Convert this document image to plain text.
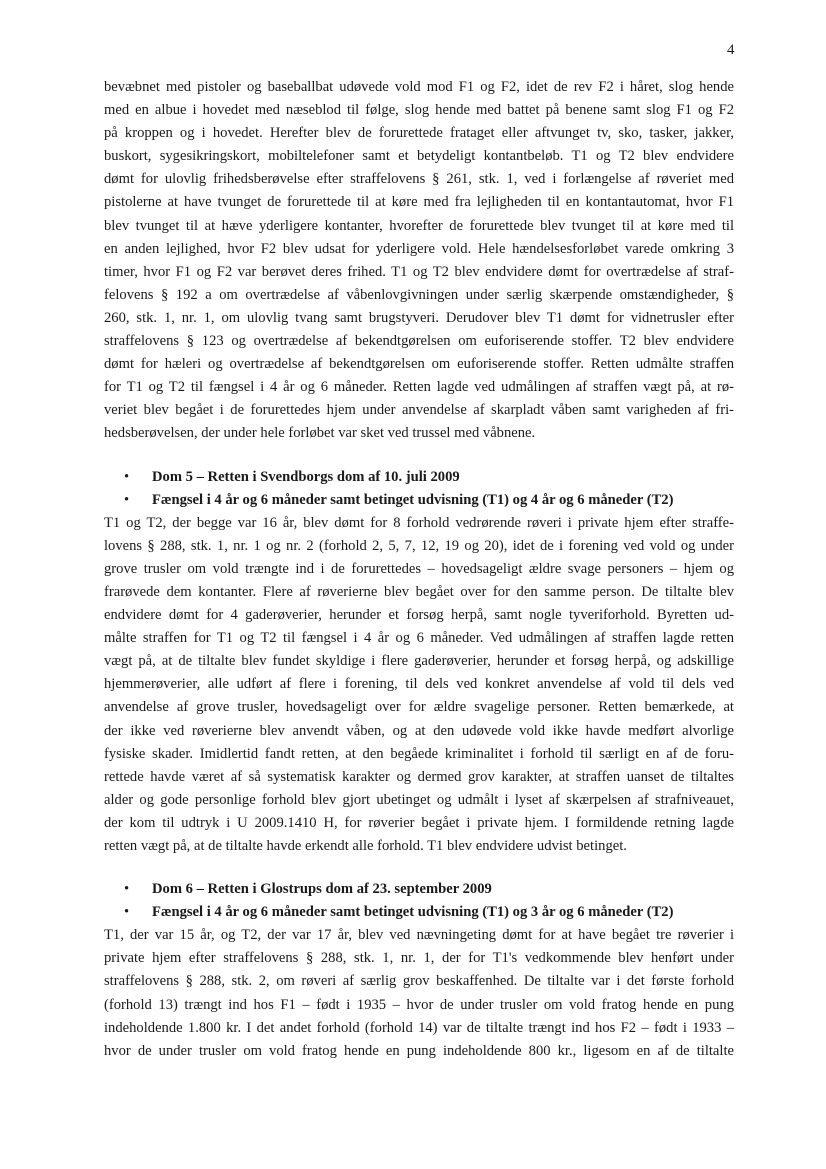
4
bevæbnet med pistoler og baseballbat udøvede vold mod F1 og F2, idet de rev F2 i håret, slog hende
med en albue i hovedet med næseblod til følge, slog hende med battet på benene samt slog F1 og F2
på kroppen og i hovedet. Herefter blev de forurettede frataget eller aftvunget tv, sko, tasker, jakker,
buskort, sygesikringskort, mobiltelefoner samt et betydeligt kontantbeløb. T1 og T2 blev endvidere
dømt for ulovlig frihedsberøvelse efter straffelovens § 261, stk. 1, ved i forlængelse af røveriet med
pistolerne at have tvunget de forurettede til at køre med fra lejligheden til en kontantautomat, hvor F1
blev tvunget til at hæve yderligere kontanter, hvorefter de forurettede blev tvunget til at køre med til
en anden lejlighed, hvor F2 blev udsat for yderligere vold. Hele hændelsesforløbet varede omkring 3
timer, hvor F1 og F2 var berøvet deres frihed. T1 og T2 blev endvidere dømt for overtrædelse af straf-
felovens § 192 a om overtrædelse af våbenlovgivningen under særlig skærpende omstændigheder, §
260, stk. 1, nr. 1, om ulovlig tvang samt brugstyveri. Derudover blev T1 dømt for vidnetrusler efter
straffelovens § 123 og overtrædelse af bekendtgørelsen om euforiserende stoffer. T2 blev endvidere
dømt for hæleri og overtrædelse af bekendtgørelsen om euforiserende stoffer. Retten udmålte straffen
for T1 og T2 til fængsel i 4 år og 6 måneder. Retten lagde ved udmålingen af straffen vægt på, at rø-
veriet blev begået i de forurettedes hjem under anvendelse af skarpladt våben samt varigheden af fri-
hedsberøvelsen, der under hele forløbet var sket ved trussel med våbnene.
• Dom 5 – Retten i Svendborgs dom af 10. juli 2009
• Fængsel i 4 år og 6 måneder samt betinget udvisning (T1) og 4 år og 6 måneder (T2)
T1 og T2, der begge var 16 år, blev dømt for 8 forhold vedrørende røveri i private hjem efter straffe-
lovens § 288, stk. 1, nr. 1 og nr. 2 (forhold 2, 5, 7, 12, 19 og 20), idet de i forening ved vold og under
grove trusler om vold trængte ind i de forurettedes – hovedsageligt ældre svage personers – hjem og
frarøvede dem kontanter. Flere af røverierne blev begået over for den samme person. De tiltalte blev
endvidere dømt for 4 gaderøverier, herunder et forsøg herpå, samt nogle tyveriforhold. Byretten ud-
målte straffen for T1 og T2 til fængsel i 4 år og 6 måneder. Ved udmålingen af straffen lagde retten
vægt på, at de tiltalte blev fundet skyldige i flere gaderøverier, herunder et forsøg herpå, og adskillige
hjemmerøverier, alle udført af flere i forening, til dels ved konkret anvendelse af vold til dels ved
anvendelse af grove trusler, hovedsageligt over for ældre svagelige personer. Retten bemærkede, at
der ikke ved røverierne blev anvendt våben, og at den udøvede vold ikke havde medført alvorlige
fysiske skader. Imidlertid fandt retten, at den begåede kriminalitet i forhold til særligt en af de foru-
rettede havde været af så systematisk karakter og dermed grov karakter, at straffen uanset de tiltaltes
alder og gode personlige forhold blev gjort ubetinget og udmålt i lyset af skærpelsen af strafniveauet,
der kom til udtryk i U 2009.1410 H, for røverier begået i private hjem. I formildende retning lagde
retten vægt på, at de tiltalte havde erkendt alle forhold. T1 blev endvidere udvist betinget.
• Dom 6 – Retten i Glostrups dom af 23. september 2009
• Fængsel i 4 år og 6 måneder samt betinget udvisning (T1) og 3 år og 6 måneder (T2)
T1, der var 15 år, og T2, der var 17 år, blev ved nævningeting dømt for at have begået tre røverier i
private hjem efter straffelovens § 288, stk. 1, nr. 1, der for T1's vedkommende blev henført under
straffelovens § 288, stk. 2, om røveri af særlig grov beskaffenhed. De tiltalte var i det første forhold
(forhold 13) trængt ind hos F1 – født i 1935 – hvor de under trusler om vold fratog hende en pung
indeholdende 1.800 kr. I det andet forhold (forhold 14) var de tiltalte trængt ind hos F2 – født i 1933 –
hvor de under trusler om vold fratog hende en pung indeholdende 800 kr., ligesom en af de tiltalte
